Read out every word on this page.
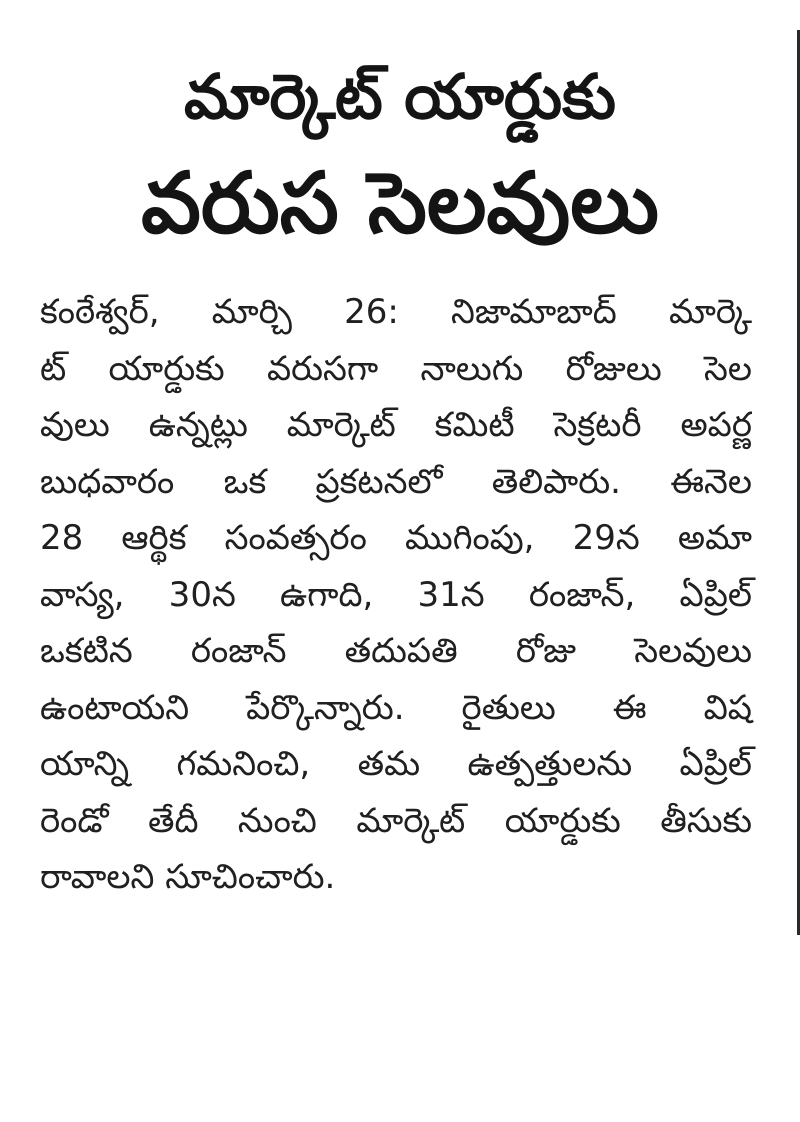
మార్కెట్ యార్డుకు
వరుస సెలవులు
కంఠేశ్వర్, మార్చి 26: నిజామాబాద్ మార్కె
ట్ యార్డుకు వరుసగా నాలుగు రోజులు సెల
వులు ఉన్నట్లు మార్కెట్ కమిటీ సెక్రటరీ అపర్ణ
బుధవారం ఒక ప్రకటనలో తెలిపారు. ఈనెల
28 ఆర్థిక సంవత్సరం ముగింపు, 29న అమా
వాస్య, 30న ఉగాది, 31న రంజాన్, ఏప్రిల్
ఒకటిన రంజాన్ తదుపతి రోజు సెలవులు
ఉంటాయని పేర్కొన్నారు. రైతులు ఈ విష
యాన్ని గమనించి, తమ ఉత్పత్తులను ఏప్రిల్
రెండో తేదీ నుంచి మార్కెట్ యార్డుకు తీసుకు
రావాలని సూచించారు.
